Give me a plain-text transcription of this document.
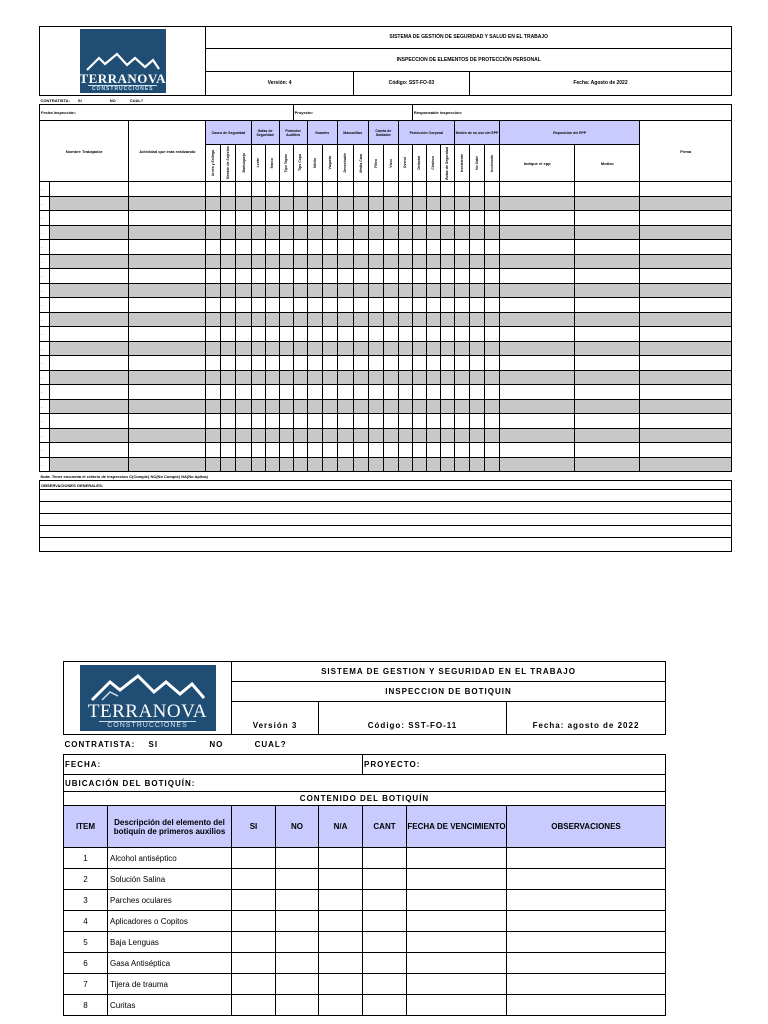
TERRANOVA
CONSTRUCCIONES			SISTEMA DE GESTIÓN DE SEGURIDAD Y SALUD EN EL TRABAJO																						
			INSPECCION DE ELEMENTOS DE PROTECCIÓN PERSONAL																						
			Versión: 4										Código: SST-FO-03								Fecha: Agosto de 2022				
CONTRATISTA: SI NO CUAL?																									
Fecha Inspección:									Proyecto:								Responsable inspección:								
Nombre Trabajador		Actividad que esta realizando	Casco de Seguridad			Gafas de Seguridad		Protector Auditivo		Guantes		Mascarillas		Careta de Soldador		Protección Corporal				Motivo de no uso del EPP			Reposición del EPP		Firma

			Arnés y Eslinga	Mentón de Sujeción	Barbuquejo	Lente	Marco	Tipo Tapón	Tipo Copa	Nitrilo	Vaqueta	Desechable	Media Cara	Filtro	Visor	Overol	Delantal	Chaleco	Botas de Seguridad	Inexistente	No Sabe	Incómodo	Indique el epp	Motivo	
-																									
-																									
-																									
-																									
-																									
-																									
-																									
-																									
-																									
-																									
-																									
-																									
-																									
-																									
-																									
-																									
-																									
-																									
-																									
-																									
Nota: Tener encuenta el criterio de inspeccion C(Cumple) NC(No Cumple) NA(No Aplica)																									
OBSERVACIONES GENERALES:																									

TERRANOVA
CONSTRUCCIONES		SISTEMA DE GESTION Y SEGURIDAD EN EL TRABAJO					
		INSPECCION DE BOTIQUIN					

		Versión 3		Código: SST-FO-11			Fecha: agosto de 2022
CONTRATISTA: SI NO CUAL?							
FECHA:					PROYECTO:		
UBICACIÓN DEL BOTIQUÍN:							
CONTENIDO DEL BOTIQUÍN							
ITEM	Descripción del elemento del botiquín de primeros auxilios	SI	NO	N/A	CANT	FECHA DE VENCIMIENTO	OBSERVACIONES
1	Alcohol antiséptico						
2	Solución Salina						
3	Parches oculares						
4	Aplicadores o Copitos						
5	Baja Lenguas						
6	Gasa Antiséptica						
7	Tijera de trauma						
8	Curitas						
